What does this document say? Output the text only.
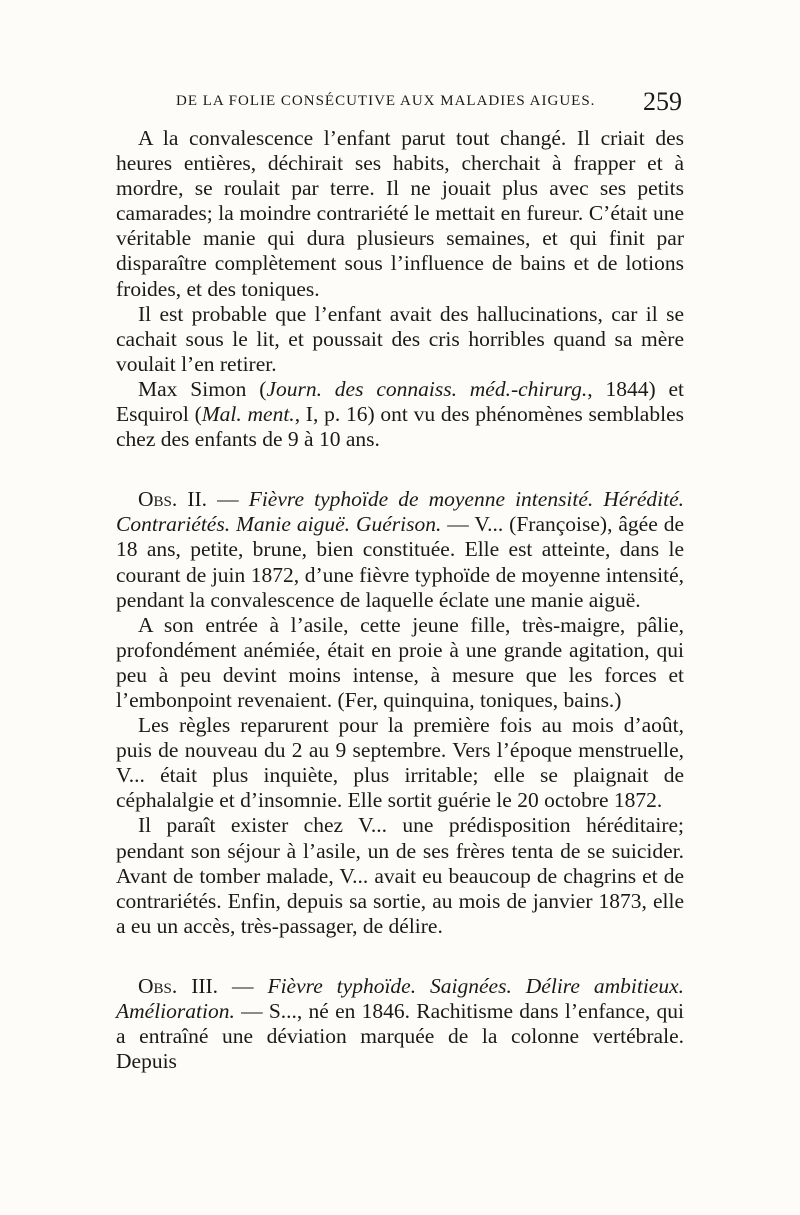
DE LA FOLIE CONSÉCUTIVE AUX MALADIES AIGUES. 259

A la convalescence l’enfant parut tout changé. Il criait des heures entières, déchirait ses habits, cherchait à frapper et à mordre, se roulait par terre. Il ne jouait plus avec ses petits camarades; la moindre contrariété le mettait en fureur. C’était une véritable manie qui dura plusieurs semaines, et qui finit par disparaître complètement sous l’influence de bains et de lotions froides, et des toniques.

Il est probable que l’enfant avait des hallucinations, car il se cachait sous le lit, et poussait des cris horribles quand sa mère voulait l’en retirer.

Max Simon (Journ. des connaiss. méd.-chirurg., 1844) et Esquirol (Mal. ment., I, p. 16) ont vu des phénomènes semblables chez des enfants de 9 à 10 ans.

Obs. II. — Fièvre typhoïde de moyenne intensité. Hérédité. Contrariétés. Manie aiguë. Guérison. — V... (Françoise), âgée de 18 ans, petite, brune, bien constituée. Elle est atteinte, dans le courant de juin 1872, d’une fièvre typhoïde de moyenne intensité, pendant la convalescence de laquelle éclate une manie aiguë.

A son entrée à l’asile, cette jeune fille, très-maigre, pâlie, profondément anémiée, était en proie à une grande agitation, qui peu à peu devint moins intense, à mesure que les forces et l’embonpoint revenaient. (Fer, quinquina, toniques, bains.)

Les règles reparurent pour la première fois au mois d’août, puis de nouveau du 2 au 9 septembre. Vers l’époque menstruelle, V... était plus inquiète, plus irritable; elle se plaignait de céphalalgie et d’insomnie. Elle sortit guérie le 20 octobre 1872.

Il paraît exister chez V... une prédisposition héréditaire; pendant son séjour à l’asile, un de ses frères tenta de se suicider. Avant de tomber malade, V... avait eu beaucoup de chagrins et de contrariétés. Enfin, depuis sa sortie, au mois de janvier 1873, elle a eu un accès, très-passager, de délire.

Obs. III. — Fièvre typhoïde. Saignées. Délire ambitieux. Amélioration. — S..., né en 1846. Rachitisme dans l’enfance, qui a entraîné une déviation marquée de la colonne vertébrale. Depuis
